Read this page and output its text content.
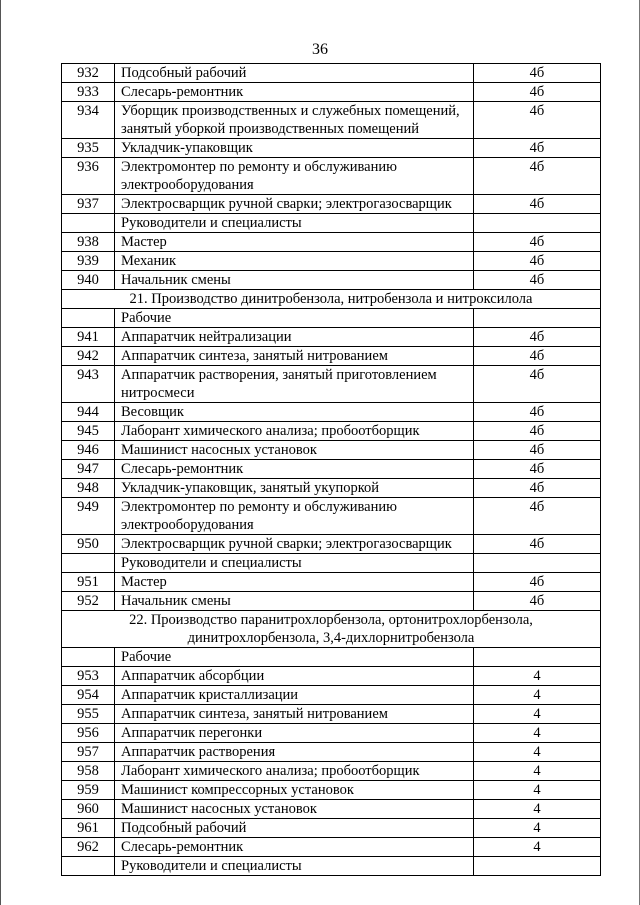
36
932	Подсобный рабочий	4б
933	Слесарь-ремонтник	4б
934	Уборщик производственных и служебных помещений, занятый уборкой производственных помещений	4б
935	Укладчик-упаковщик	4б
936	Электромонтер по ремонту и обслуживанию электрооборудования	4б
937	Электросварщик ручной сварки; электрогазосварщик	4б
	Руководители и специалисты	
938	Мастер	4б
939	Механик	4б
940	Начальник смены	4б
21. Производство динитробензола, нитробензола и нитроксилола		
	Рабочие	
941	Аппаратчик нейтрализации	4б
942	Аппаратчик синтеза, занятый нитрованием	4б
943	Аппаратчик растворения, занятый приготовлением нитросмеси	4б
944	Весовщик	4б
945	Лаборант химического анализа; пробоотборщик	4б
946	Машинист насосных установок	4б
947	Слесарь-ремонтник	4б
948	Укладчик-упаковщик, занятый укупоркой	4б
949	Электромонтер по ремонту и обслуживанию электрооборудования	4б
950	Электросварщик ручной сварки; электрогазосварщик	4б
	Руководители и специалисты	
951	Мастер	4б
952	Начальник смены	4б
22. Производство паранитрохлорбензола, ортонитрохлорбензола, динитрохлорбензола, 3,4-дихлорнитробензола		
	Рабочие	
953	Аппаратчик абсорбции	4
954	Аппаратчик кристаллизации	4
955	Аппаратчик синтеза, занятый нитрованием	4
956	Аппаратчик перегонки	4
957	Аппаратчик растворения	4
958	Лаборант химического анализа; пробоотборщик	4
959	Машинист компрессорных установок	4
960	Машинист насосных установок	4
961	Подсобный рабочий	4
962	Слесарь-ремонтник	4
	Руководители и специалисты	
